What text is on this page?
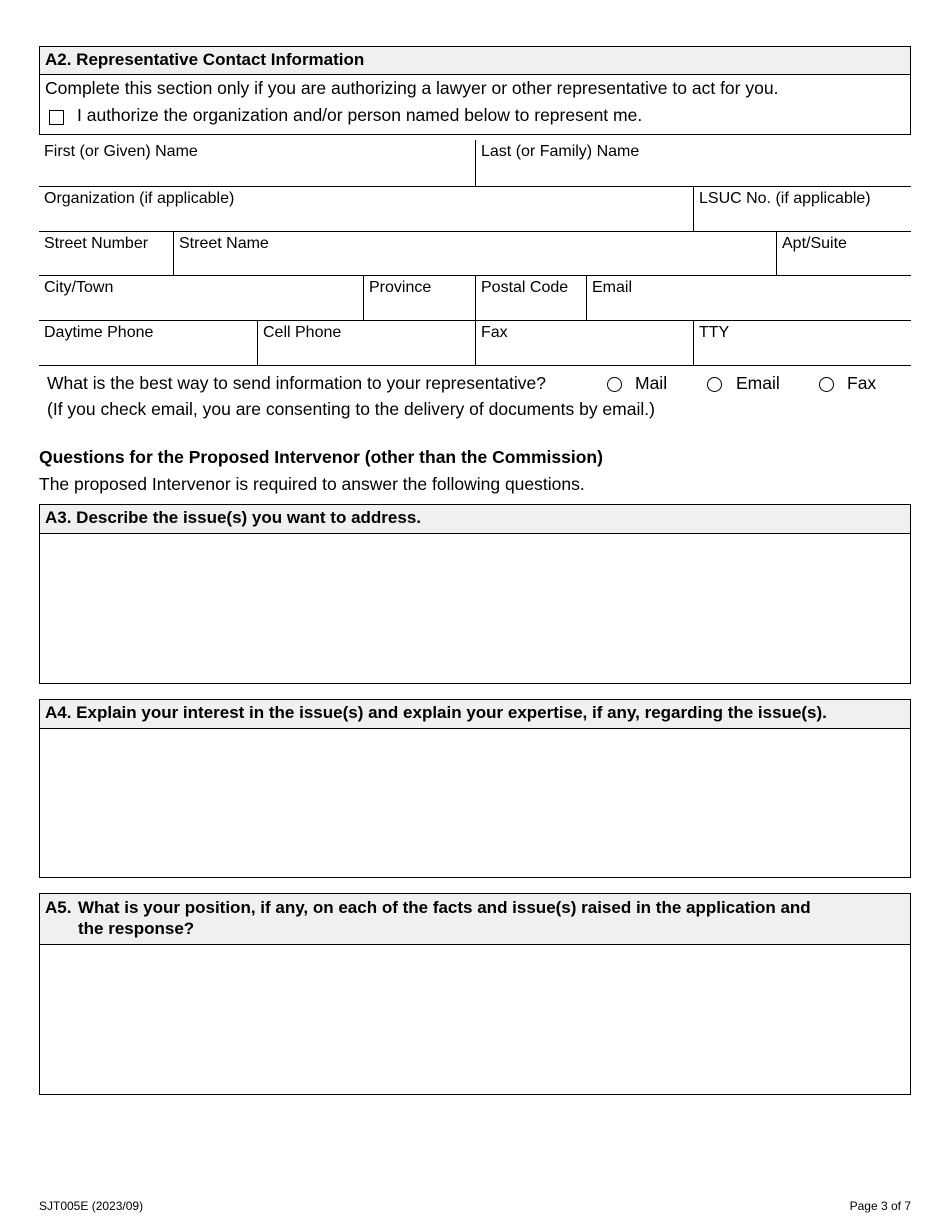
A2. Representative Contact Information
Complete this section only if you are authorizing a lawyer or other representative to act for you.
I authorize the organization and/or person named below to represent me.
First (or Given) Name	Last (or Family) Name
Organization (if applicable)	LSUC No. (if applicable)
Street Number	Street Name	Apt/Suite
City/Town	Province	Postal Code	Email
Daytime Phone	Cell Phone	Fax	TTY
What is the best way to send information to your representative?	Mail	Email	Fax
(If you check email, you are consenting to the delivery of documents by email.)
Questions for the Proposed Intervenor (other than the Commission)
The proposed Intervenor is required to answer the following questions.
A3. Describe the issue(s) you want to address.
A4. Explain your interest in the issue(s) and explain your expertise, if any, regarding the issue(s).
A5. What is your position, if any, on each of the facts and issue(s) raised in the application and
the response?
SJT005E (2023/09)	Page 3 of 7
